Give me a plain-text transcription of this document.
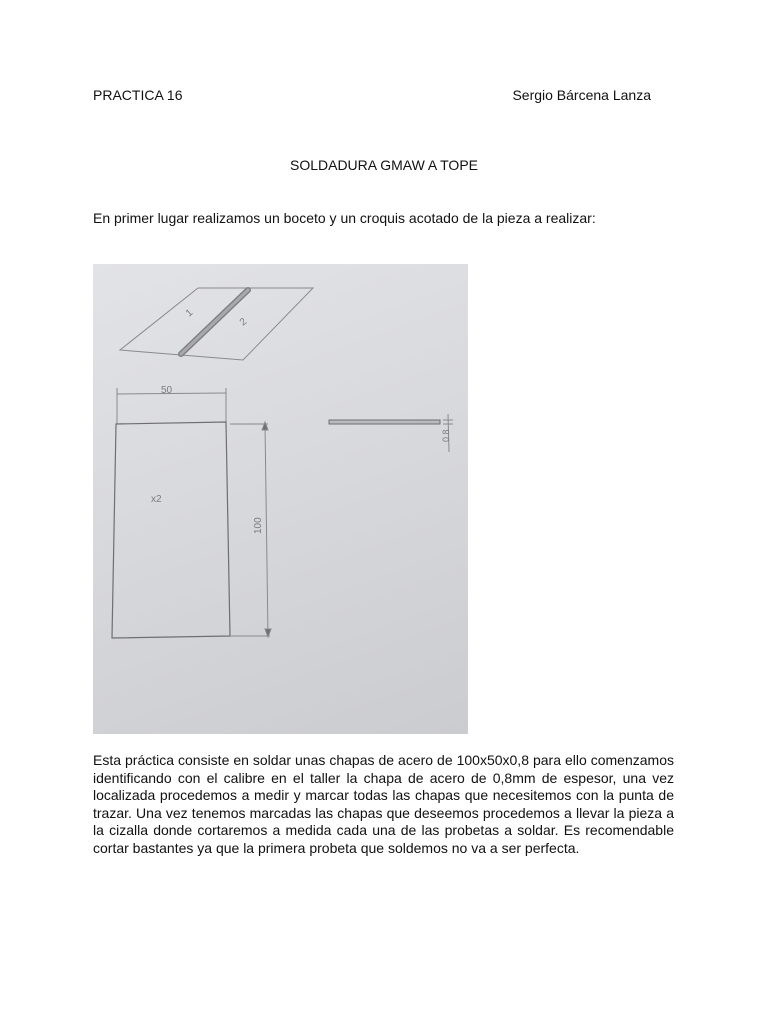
PRACTICA 16	Sergio Bárcena Lanza
SOLDADURA GMAW A TOPE
En primer lugar realizamos un boceto y un croquis acotado de la pieza a realizar:
1
2
50
x2
100
0.8
Esta práctica consiste en soldar unas chapas de acero de 100x50x0,8 para ello comenzamos identificando con el calibre en el taller la chapa de acero de 0,8mm de espesor, una vez localizada procedemos a medir y marcar todas las chapas que necesitemos con la punta de trazar. Una vez tenemos marcadas las chapas que deseemos procedemos a llevar la pieza a la cizalla donde cortaremos a medida cada una de las probetas a soldar. Es recomendable cortar bastantes ya que la primera probeta que soldemos no va a ser perfecta.
